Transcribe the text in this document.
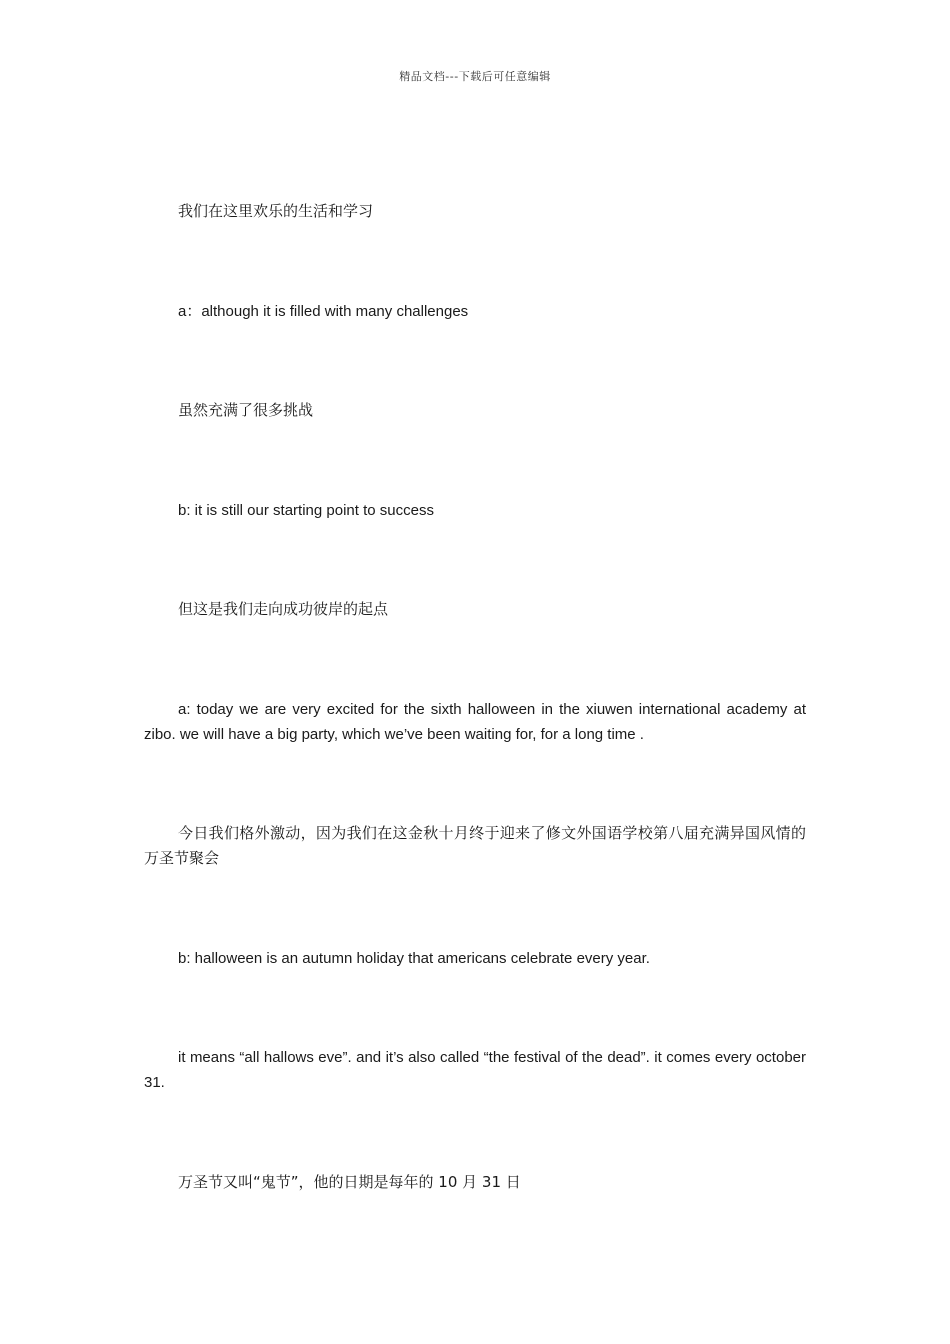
精品文档---下载后可任意编辑

我们在这里欢乐的生活和学习

a：although it is filled with many challenges

虽然充满了很多挑战

b: it is still our starting point to success

但这是我们走向成功彼岸的起点

a: today we are very excited for the sixth halloween in the xiuwen international academy at zibo. we will have a big party, which we’ve been waiting for, for a long time .

今日我们格外激动，因为我们在这金秋十月终于迎来了修文外国语学校第八届充满异国风情的万圣节聚会

b: halloween is an autumn holiday that americans celebrate every year.

it means “all hallows eve”. and it’s also called “the festival of the dead”. it comes every october 31.

万圣节又叫“鬼节”，他的日期是每年的 10 月 31 日
